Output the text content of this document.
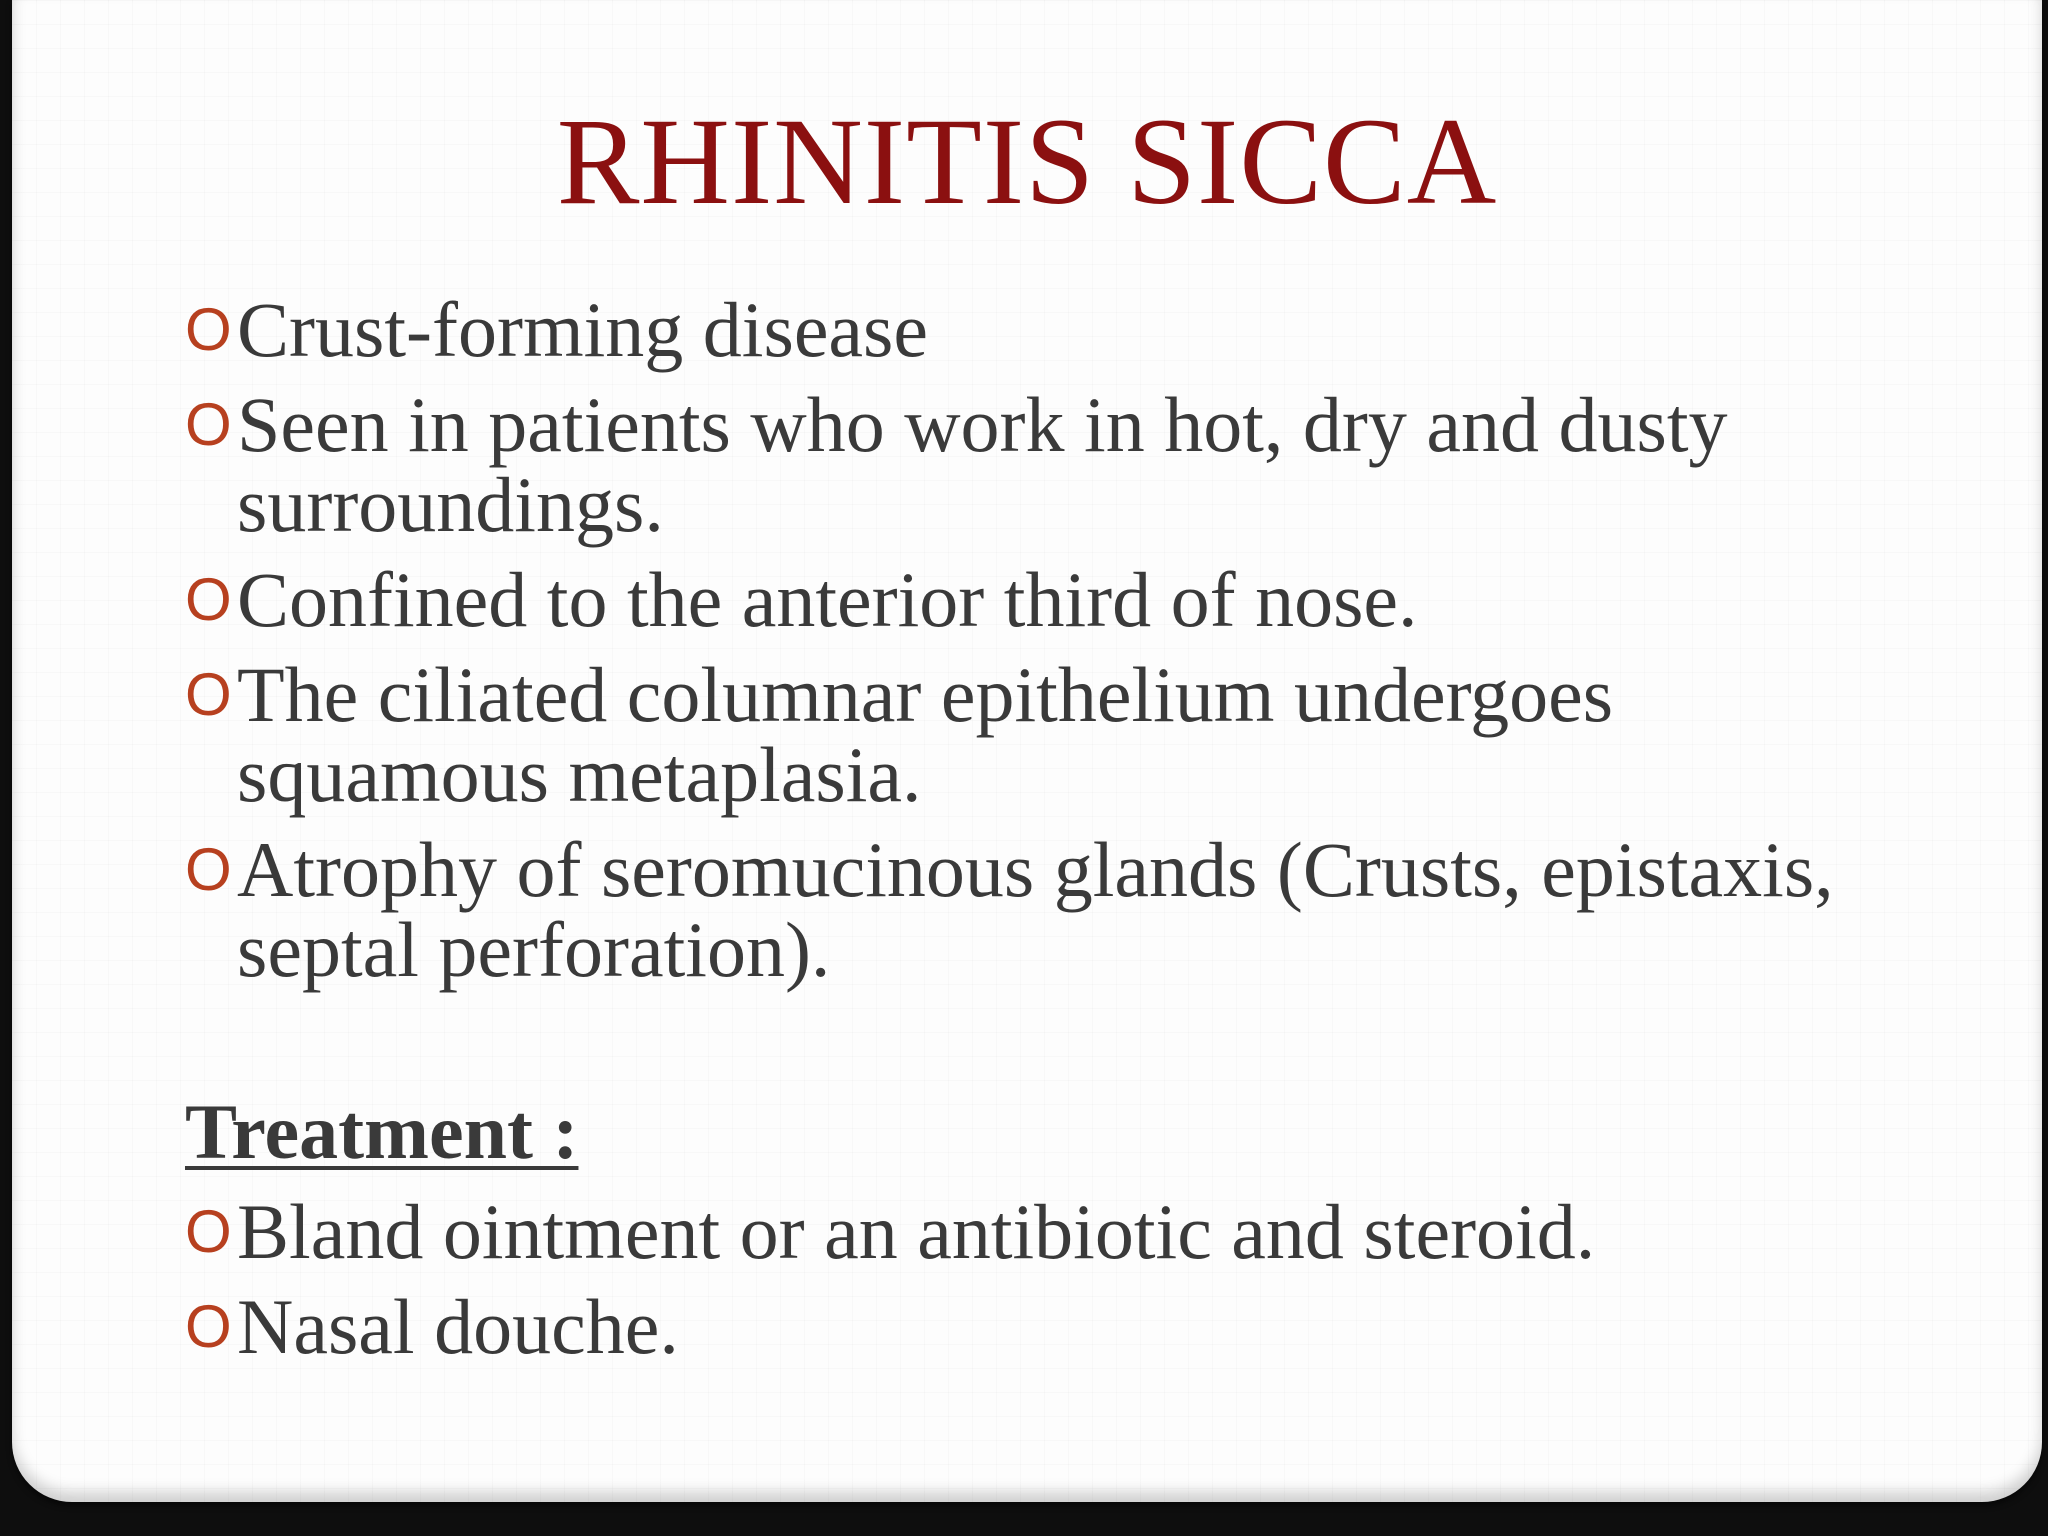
RHINITIS SICCA
O Crust-forming disease
O Seen in patients who work in hot, dry and dusty surroundings.
O Confined to the anterior third of nose.
O The ciliated columnar epithelium undergoes squamous metaplasia.
O Atrophy of seromucinous glands (Crusts, epistaxis, septal perforation).
Treatment :
O Bland ointment or an antibiotic and steroid.
O Nasal douche.
